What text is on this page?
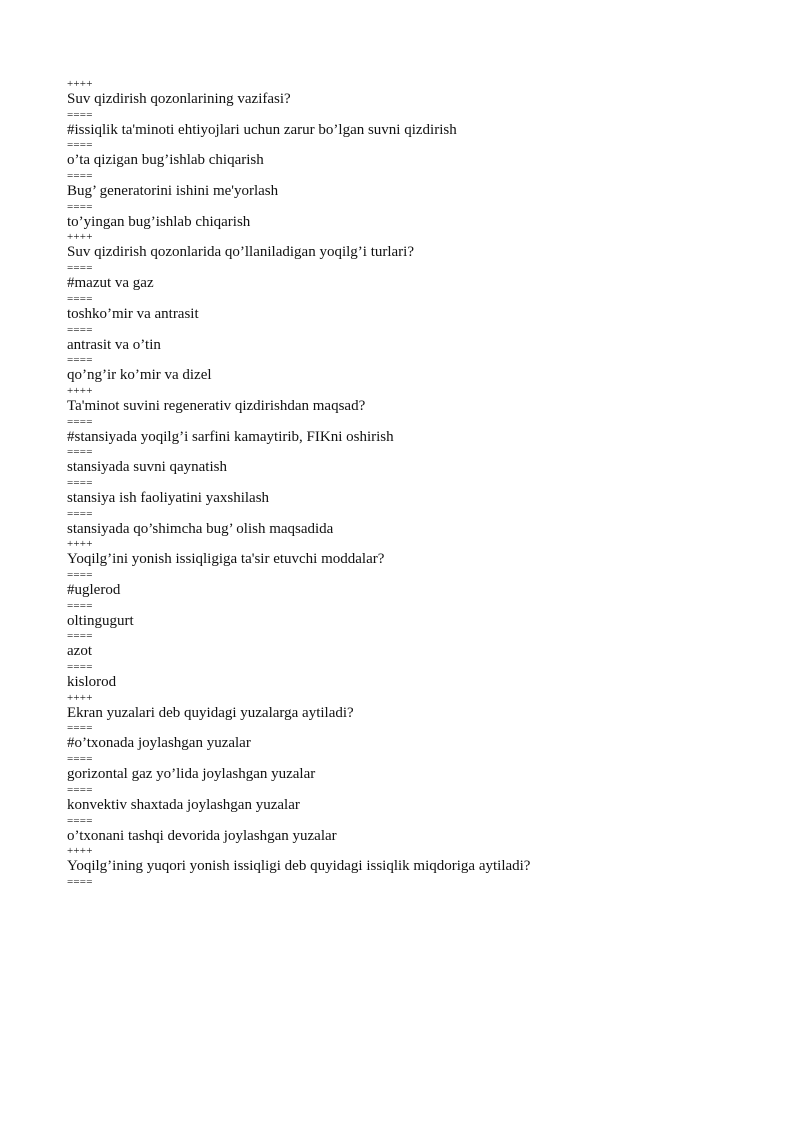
++++
Suv qizdirish qozonlarining vazifasi?
====
#issiqlik ta'minoti ehtiyojlari uchun zarur bo’lgan suvni qizdirish
====
o’ta qizigan bug’ishlab chiqarish
====
Bug’ generatorini ishini me'yorlash
====
to’yingan bug’ishlab chiqarish
++++
Suv qizdirish qozonlarida qo’llaniladigan yoqilg’i turlari?
====
#mazut va gaz
====
toshko’mir va antrasit
====
antrasit va o’tin
====
qo’ng’ir ko’mir va dizel
++++
Ta'minot suvini regenerativ qizdirishdan maqsad?
====
#stansiyada yoqilg’i sarfini kamaytirib, FIKni oshirish
====
stansiyada suvni qaynatish
====
stansiya ish faoliyatini yaxshilash
====
stansiyada qo’shimcha bug’ olish maqsadida
++++
Yoqilg’ini yonish issiqligiga ta'sir etuvchi moddalar?
====
#uglerod
====
oltingugurt
====
azot
====
kislorod
++++
Ekran yuzalari deb quyidagi yuzalarga aytiladi?
====
#o’txonada joylashgan yuzalar
====
gorizontal gaz yo’lida joylashgan yuzalar
====
konvektiv shaxtada joylashgan yuzalar
====
o’txonani tashqi devorida joylashgan yuzalar
++++
Yoqilg’ining yuqori yonish issiqligi deb quyidagi issiqlik miqdoriga aytiladi?
====
